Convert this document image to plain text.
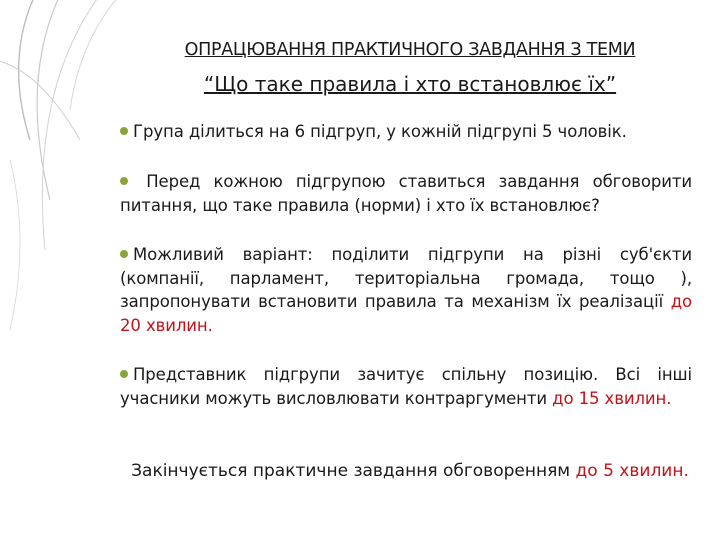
ОПРАЦЮВАННЯ ПРАКТИЧНОГО ЗАВДАННЯ З ТЕМИ
“Що таке правила і хто встановлює їх”
Група ділиться на 6 підгруп, у кожній підгрупі 5 чоловік.
Перед кожною підгрупою ставиться завдання обговорити питання, що таке правила (норми) і хто їх встановлює?
Можливий варіант: поділити підгрупи на різні суб'єкти (компанії, парламент, територіальна громада, тощо ), запропонувати встановити правила та механізм їх реалізації до 20 хвилин.
Представник підгрупи зачитує спільну позицію. Всі інші учасники можуть висловлювати контраргументи до 15 хвилин.
Закінчується практичне завдання обговоренням до 5 хвилин.
